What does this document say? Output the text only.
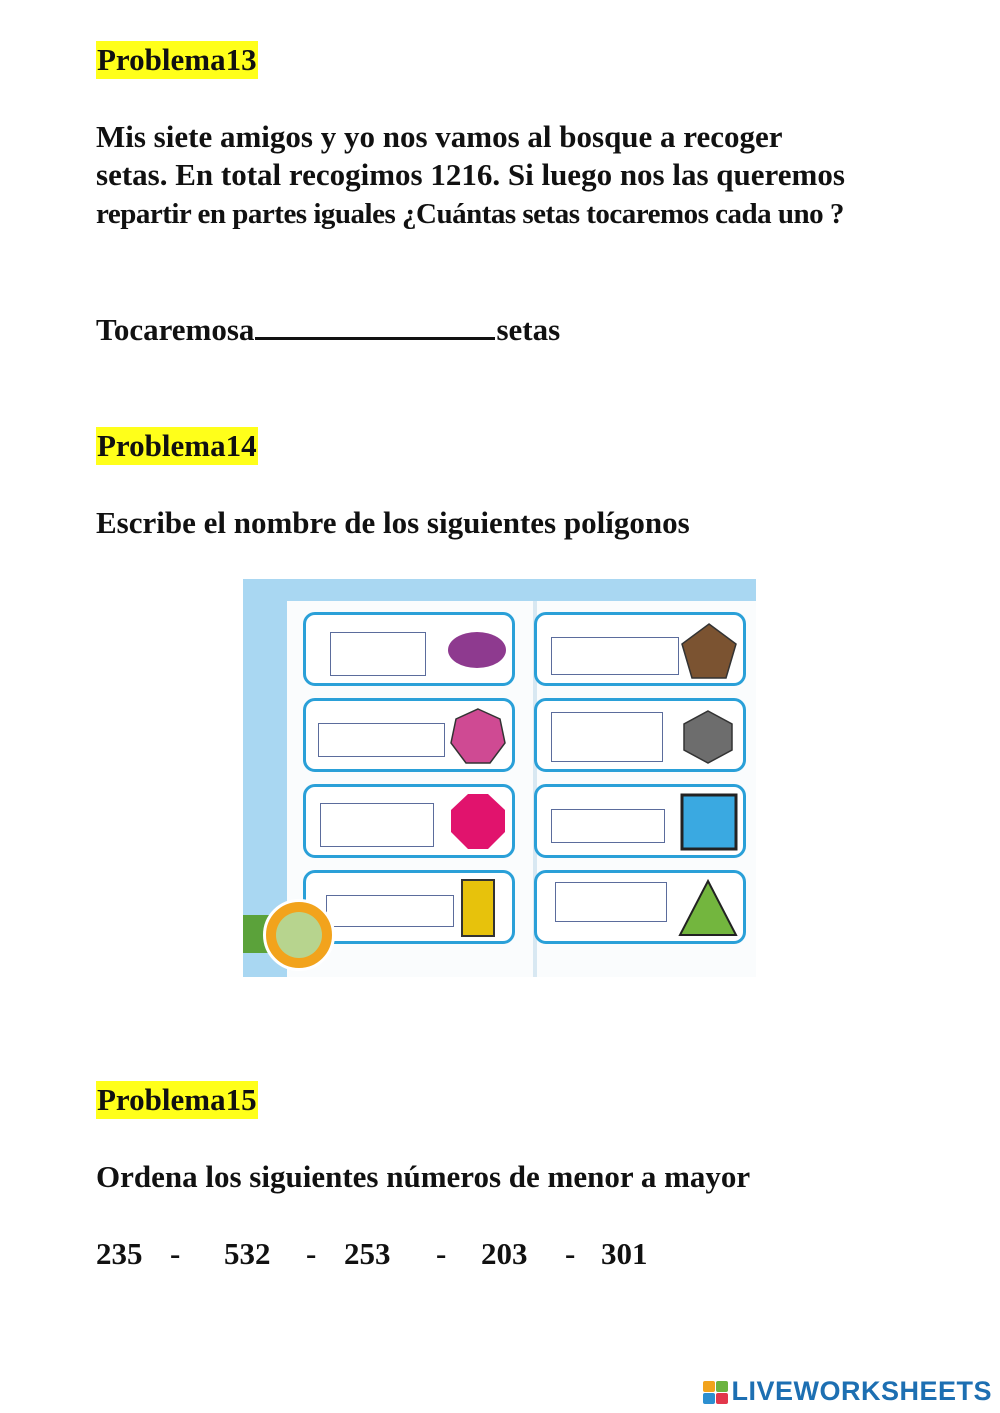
Problema13
Mis siete amigos y yo nos vamos al bosque a recoger
setas. En total recogimos 1216. Si luego nos las queremos
repartir en partes iguales ¿Cuántas setas tocaremos cada uno ?
Tocaremosa	setas
Problema14
Escribe el nombre de los siguientes polígonos
Problema15
Ordena los siguientes números de menor a mayor
235 - 532 - 253 - 203 - 301
LIVEWORKSHEETS
